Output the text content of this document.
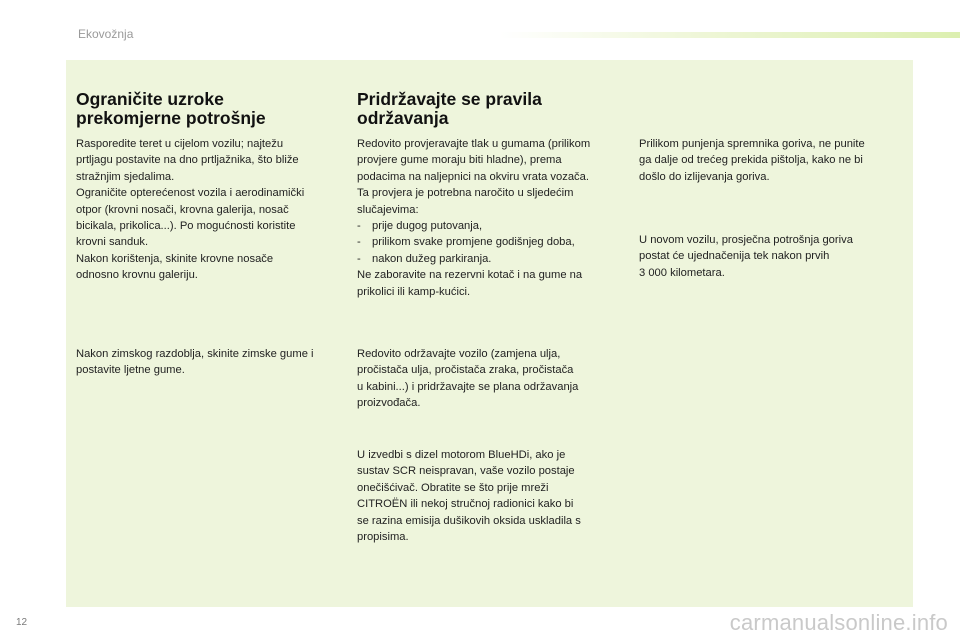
Ekovožnja
Ograničite uzroke
prekomjerne potrošnje

Rasporedite teret u cijelom vozilu; najtežu
prtljagu postavite na dno prtljažnika, što bliže
stražnjim sjedalima.
Ograničite opterećenost vozila i aerodinamički
otpor (krovni nosači, krovna galerija, nosač
bicikala, prikolica...). Po mogućnosti koristite
krovni sanduk.
Nakon korištenja, skinite krovne nosače
odnosno krovnu galeriju.

Nakon zimskog razdoblja, skinite zimske gume i
postavite ljetne gume.

Pridržavajte se pravila
održavanja

Redovito provjeravajte tlak u gumama (prilikom
provjere gume moraju biti hladne), prema
podacima na naljepnici na okviru vrata vozača.
Ta provjera je potrebna naročito u sljedećim
slučajevima:

- prije dugog putovanja,
- prilikom svake promjene godišnjeg doba,
- nakon dužeg parkiranja.

Ne zaboravite na rezervni kotač i na gume na
prikolici ili kamp-kućici.

Redovito održavajte vozilo (zamjena ulja,
pročistača ulja, pročistača zraka, pročistača
u kabini...) i pridržavajte se plana održavanja
proizvođača.

U izvedbi s dizel motorom BlueHDi, ako je
sustav SCR neispravan, vaše vozilo postaje
onečišćivač. Obratite se što prije mreži
CITROËN ili nekoj stručnoj radionici kako bi
se razina emisija dušikovih oksida uskladila s
propisima.

Prilikom punjenja spremnika goriva, ne punite
ga dalje od trećeg prekida pištolja, kako ne bi
došlo do izlijevanja goriva.

U novom vozilu, prosječna potrošnja goriva
postat će ujednačenija tek nakon prvih
3 000 kilometara.

12	carmanualsonline.info
